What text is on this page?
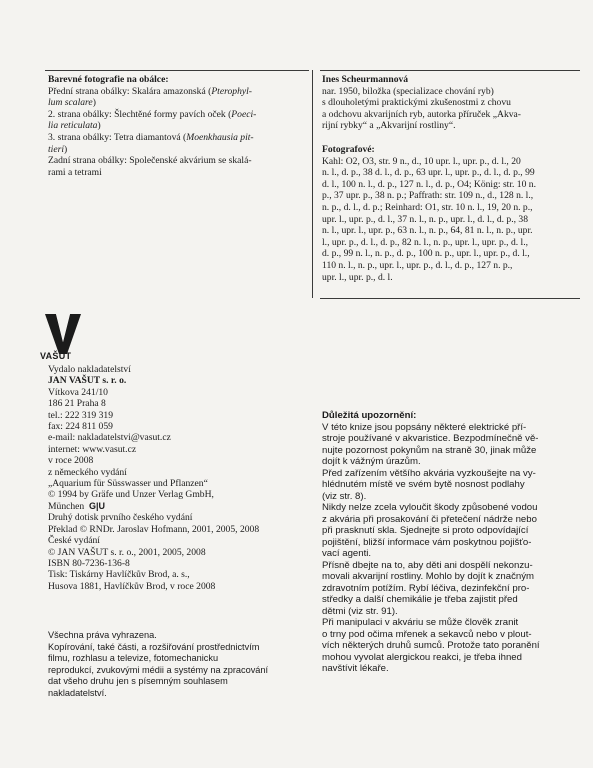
Barevné fotografie na obálce:

Přední strana obálky: Skalára amazonská (Pterophyl-

lum scalare)

2. strana obálky: Šlechtěné formy pavích oček (Poeci-

lia reticulata)

3. strana obálky: Tetra diamantová (Moenkhausia pit-

tieri)

Zadní strana obálky: Společenské akvárium se skalá-

rami a tetrami

Ines Scheurmannová

nar. 1950, biložka (specializace chování ryb)

s dlouholetými praktickými zkušenostmi z chovu

a odchovu akvarijních ryb, autorka příruček „Akva-

rijní rybky“ a „Akvarijní rostliny“.

Fotografové:

Kahl: O2, O3, str. 9 n., d., 10 upr. l., upr. p., d. l., 20

n. l., d. p., 38 d. l., d. p., 63 upr. l., upr. p., d. l., d. p., 99

d. l., 100 n. l., d. p., 127 n. l., d. p., O4; König: str. 10 n.

p., 37 upr. p., 38 n. p.; Paffrath: str. 109 n., d., 128 n. l.,

n. p., d. l., d. p.; Reinhard: O1, str. 10 n. l., 19, 20 n. p.,

upr. l., upr. p., d. l., 37 n. l., n. p., upr. l., d. l., d. p., 38

n. l., upr. l., upr. p., 63 n. l., n. p., 64, 81 n. l., n. p., upr.

l., upr. p., d. l., d. p., 82 n. l., n. p., upr. l., upr. p., d. l.,

d. p., 99 n. l., n. p., d. p., 100 n. p., upr. l., upr. p., d. l.,

110 n. l., n. p., upr. l., upr. p., d. l., d. p., 127 n. p.,

upr. l., upr. p., d. l.

VAŠUT

Vydalo nakladatelství

JAN VAŠUT s. r. o.

Vítkova 241/10

186 21 Praha 8

tel.: 222 319 319

fax: 224 811 059

e-mail: nakladatelstvi@vasut.cz

internet: www.vasut.cz

v roce 2008

z německého vydání

„Aquarium für Süsswasser und Pflanzen“

© 1994 by Gräfe und Unzer Verlag GmbH,

München G|U

Druhý dotisk prvního českého vydání

Překlad © RNDr. Jaroslav Hofmann, 2001, 2005, 2008

České vydání

© JAN VAŠUT s. r. o., 2001, 2005, 2008

ISBN 80-7236-136-8

Tisk: Tiskárny Havlíčkův Brod, a. s.,

Husova 1881, Havlíčkův Brod, v roce 2008

Všechna práva vyhrazena.

Kopírování, také části, a rozšiřování prostřednictvím

filmu, rozhlasu a televize, fotomechanicku

reprodukcí, zvukovými médii a systémy na zpracování

dat všeho druhu jen s písemným souhlasem

nakladatelství.

Důležitá upozornění:

V této knize jsou popsány některé elektrické pří-

stroje používané v akvaristice. Bezpodmínečně vě-

nujte pozornost pokynům na straně 30, jinak může

dojít k vážným úrazům.

Před zařízením většího akvária vyzkoušejte na vy-

hlédnutém místě ve svém bytě nosnost podlahy

(viz str. 8).

Nikdy nelze zcela vyloučit škody způsobené vodou

z akvária při prosakování či přetečení nádrže nebo

při prasknutí skla. Sjednejte si proto odpovídající

pojištění, bližší informace vám poskytnou pojišťo-

vací agenti.

Přísně dbejte na to, aby děti ani dospělí nekonzu-

movali akvarijní rostliny. Mohlo by dojít k značným

zdravotním potížím. Rybí léčiva, dezinfekční pro-

středky a další chemikálie je třeba zajistit před

dětmi (viz str. 91).

Při manipulaci v akváriu se může člověk zranit

o trny pod očima mřenek a sekavců nebo v plout-

vích některých druhů sumců. Protože tato poranění

mohou vyvolat alergickou reakci, je třeba ihned

navštívit lékaře.
